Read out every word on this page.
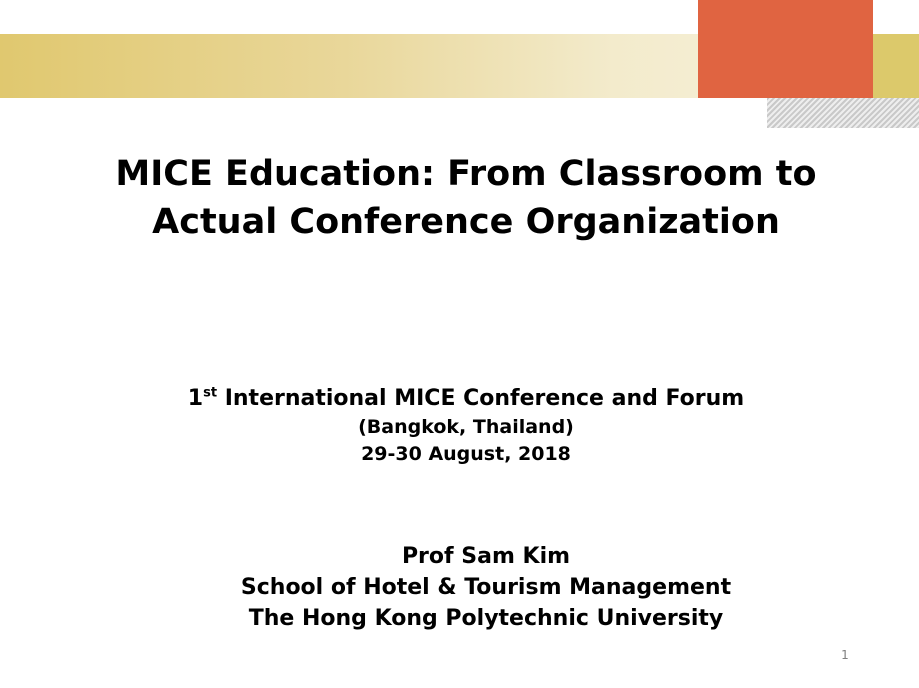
MICE Education: From Classroom to
Actual Conference Organization
1st International MICE Conference and Forum
(Bangkok, Thailand)
29-30 August, 2018
Prof Sam Kim
School of Hotel & Tourism Management
The Hong Kong Polytechnic University
1
